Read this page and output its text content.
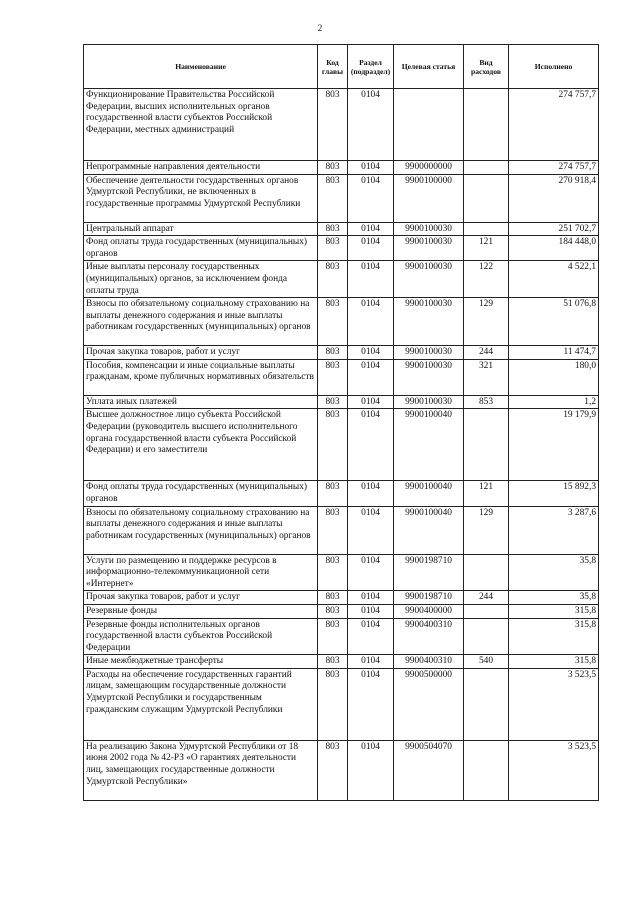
2
Наименование	Код главы	Раздел (подраздел)	Целевая статья	Вид расходов	Исполнено
Функционирование Правительства Российской Федерации, высших исполнительных органов государственной власти субъектов Российской Федерации, местных администраций	803	0104			274 757,7
Непрограммные направления деятельности	803	0104	9900000000		274 757,7
Обеспечение деятельности государственных органов Удмуртской Республики, не включенных в государственные программы Удмуртской Республики	803	0104	9900100000		270 918,4
Центральный аппарат	803	0104	9900100030		251 702,7
Фонд оплаты труда государственных (муниципальных) органов	803	0104	9900100030	121	184 448,0
Иные выплаты персоналу государственных (муниципальных) органов, за исключением фонда оплаты труда	803	0104	9900100030	122	4 522,1
Взносы по обязательному социальному страхованию на выплаты денежного содержания и иные выплаты работникам государственных (муниципальных) органов	803	0104	9900100030	129	51 076,8
Прочая закупка товаров, работ и услуг	803	0104	9900100030	244	11 474,7
Пособия, компенсации и иные социальные выплаты гражданам, кроме публичных нормативных обязательств	803	0104	9900100030	321	180,0
Уплата иных платежей	803	0104	9900100030	853	1,2
Высшее должностное лицо субъекта Российской Федерации (руководитель высшего исполнительного органа государственной власти субъекта Российской Федерации) и его заместители	803	0104	9900100040		19 179,9
Фонд оплаты труда государственных (муниципальных) органов	803	0104	9900100040	121	15 892,3
Взносы по обязательному социальному страхованию на выплаты денежного содержания и иные выплаты работникам государственных (муниципальных) органов	803	0104	9900100040	129	3 287,6
Услуги по размещению и поддержке ресурсов в информационно-телекоммуникационной сети «Интернет»	803	0104	9900198710		35,8
Прочая закупка товаров, работ и услуг	803	0104	9900198710	244	35,8
Резервные фонды	803	0104	9900400000		315,8
Резервные фонды исполнительных органов государственной власти субъектов Российской Федерации	803	0104	9900400310		315,8
Иные межбюджетные трансферты	803	0104	9900400310	540	315,8
Расходы на обеспечение государственных гарантий лицам, замещающим государственные должности Удмуртской Республики и государственным гражданским служащим Удмуртской Республики	803	0104	9900500000		3 523,5
На реализацию Закона Удмуртской Республики от 18 июня 2002 года № 42-РЗ «О гарантиях деятельности лиц, замещающих государственные должности Удмуртской Республики»	803	0104	9900504070		3 523,5
